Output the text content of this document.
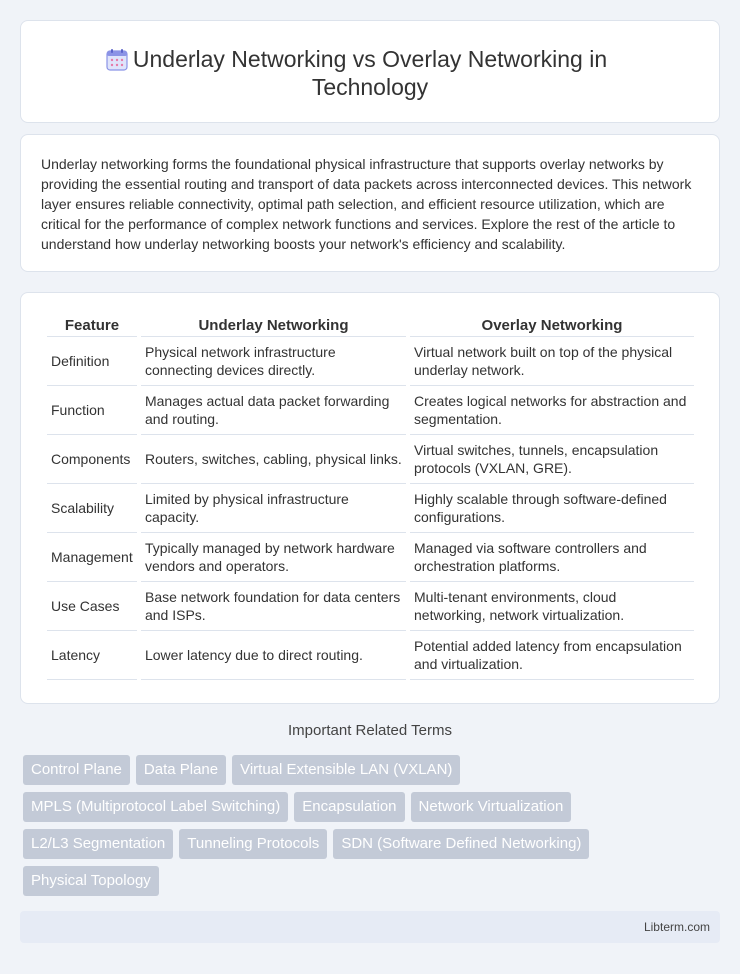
Underlay Networking vs Overlay Networking in
Technology

Underlay networking forms the foundational physical infrastructure that supports overlay networks by providing the essential routing and transport of data packets across interconnected devices. This network layer ensures reliable connectivity, optimal path selection, and efficient resource utilization, which are critical for the performance of complex network functions and services. Explore the rest of the article to understand how underlay networking boosts your network's efficiency and scalability.

Feature	Underlay Networking	Overlay Networking
Definition	Physical network infrastructure connecting devices directly.	Virtual network built on top of the physical underlay network.
Function	Manages actual data packet forwarding and routing.	Creates logical networks for abstraction and segmentation.
Components	Routers, switches, cabling, physical links.	Virtual switches, tunnels, encapsulation protocols (VXLAN, GRE).
Scalability	Limited by physical infrastructure capacity.	Highly scalable through software-defined configurations.
Management	Typically managed by network hardware vendors and operators.	Managed via software controllers and orchestration platforms.
Use Cases	Base network foundation for data centers and ISPs.	Multi-tenant environments, cloud networking, network virtualization.
Latency	Lower latency due to direct routing.	Potential added latency from encapsulation and virtualization.
Important Related Terms
Control Plane	Data Plane	Virtual Extensible LAN (VXLAN)
MPLS (Multiprotocol Label Switching)	Encapsulation	Network Virtualization
L2/L3 Segmentation	Tunneling Protocols	SDN (Software Defined Networking)
Physical Topology
Libterm.com
